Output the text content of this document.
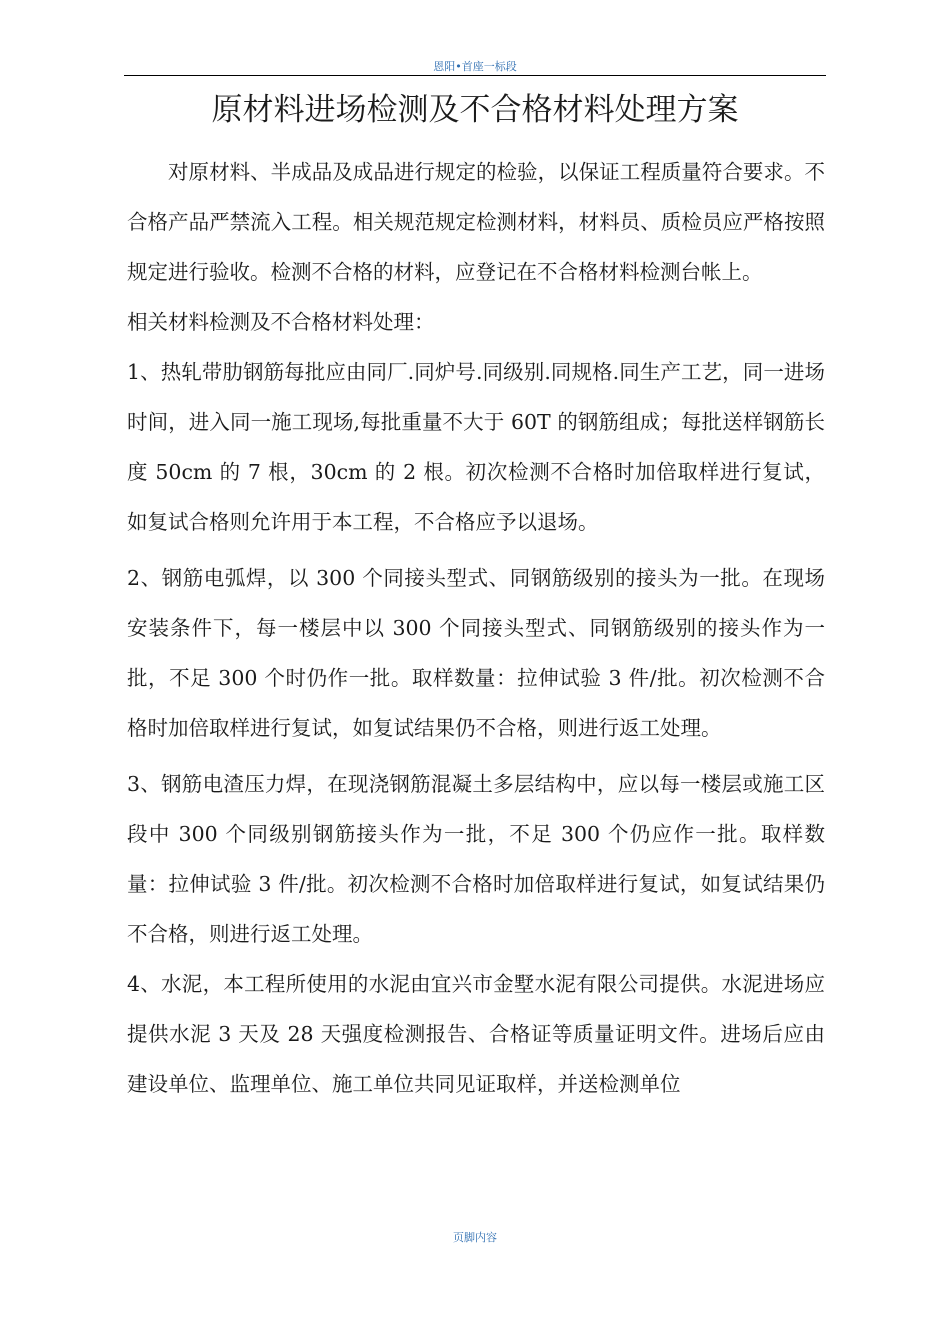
恩阳•首座一标段
原材料进场检测及不合格材料处理方案

对原材料、半成品及成品进行规定的检验，以保证工程质量符合要求。不合格产品严禁流入工程。相关规范规定检测材料，材料员、质检员应严格按照规定进行验收。检测不合格的材料，应登记在不合格材料检测台帐上。

相关材料检测及不合格材料处理：

1、热轧带肋钢筋每批应由同厂.同炉号.同级别.同规格.同生产工艺，同一进场时间，进入同一施工现场,每批重量不大于 60T 的钢筋组成；每批送样钢筋长度 50cm 的 7 根，30cm 的 2 根。初次检测不合格时加倍取样进行复试，如复试合格则允许用于本工程，不合格应予以退场。

2、钢筋电弧焊，以 300 个同接头型式、同钢筋级别的接头为一批。在现场安装条件下，每一楼层中以 300 个同接头型式、同钢筋级别的接头作为一批，不足 300 个时仍作一批。取样数量：拉伸试验 3 件/批。初次检测不合格时加倍取样进行复试，如复试结果仍不合格，则进行返工处理。

3、钢筋电渣压力焊，在现浇钢筋混凝土多层结构中，应以每一楼层或施工区段中 300 个同级别钢筋接头作为一批，不足 300 个仍应作一批。取样数量：拉伸试验 3 件/批。初次检测不合格时加倍取样进行复试，如复试结果仍不合格，则进行返工处理。

4、水泥，本工程所使用的水泥由宜兴市金墅水泥有限公司提供。水泥进场应提供水泥 3 天及 28 天强度检测报告、合格证等质量证明文件。进场后应由建设单位、监理单位、施工单位共同见证取样，并送检测单位

页脚内容
